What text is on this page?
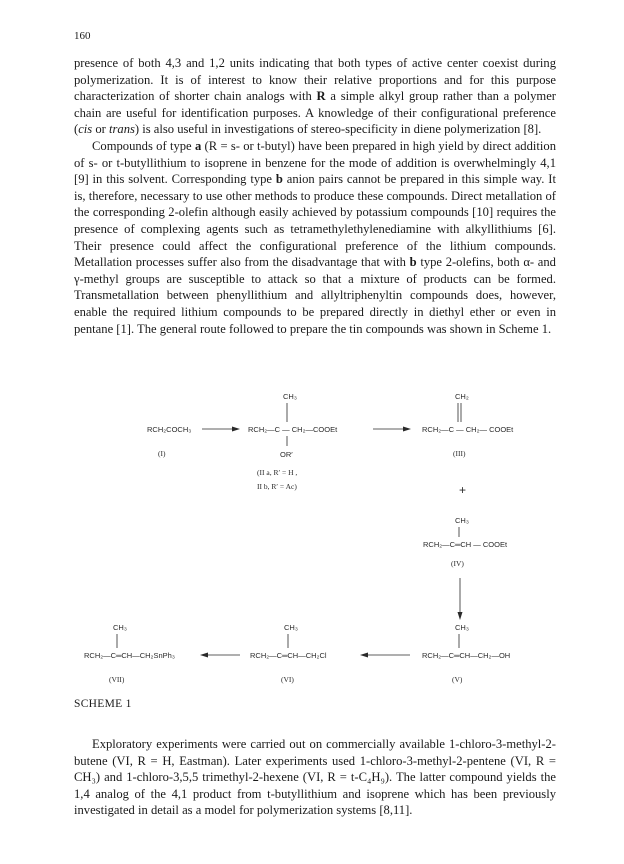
160

presence of both 4,3 and 1,2 units indicating that both types of active center coexist during polymerization. It is of interest to know their relative proportions and for this purpose characterization of shorter chain analogs with R a simple alkyl group rather than a polymer chain are useful for identification purposes. A knowledge of their configurational preference (cis or trans) is also useful in investigations of stereo-specificity in diene polymerization [8].

Compounds of type a (R = s- or t-butyl) have been prepared in high yield by direct addition of s- or t-butyllithium to isoprene in benzene for the mode of addition is overwhelmingly 4,1 [9] in this solvent. Corresponding type b anion pairs cannot be prepared in this simple way. It is, therefore, necessary to use other methods to produce these compounds. Direct metallation of the corresponding 2-olefin although easily achieved by potassium compounds [10] requires the presence of complexing agents such as tetramethylethylenediamine with alkyllithiums [6]. Their presence could affect the configurational preference of the lithium compounds. Metallation processes suffer also from the disadvantage that with b type 2-olefins, both α- and γ-methyl groups are susceptible to attack so that a mixture of products can be formed. Transmetallation between phenyllithium and allyltriphenyltin compounds does, however, enable the required lithium compounds to be prepared directly in diethyl ether or even in pentane [1]. The general route followed to prepare the tin compounds was shown in Scheme 1.

RCH₂COCH₃
(I)
CH₃
RCH₂—C — CH₂—COOEt
OR′
(II a, R′ = H ,
II b, R′ = Ac)
CH₂
RCH₂—C — CH₂— COOEt
(III)
+
CH₃
RCH₂—C═CH — COOEt
(IV)
CH₃
RCH₂—C═CH—CH₂—OH
(V)
CH₃
RCH₂—C═CH—CH₂Cl
(VI)
CH₃
RCH₂—C═CH—CH₂SnPh₃
(VII)
SCHEME 1

Exploratory experiments were carried out on commercially available 1-chloro-3-methyl-2-butene (VI, R = H, Eastman). Later experiments used 1-chloro-3-methyl-2-pentene (VI, R = CH₃) and 1-chloro-3,5,5 trimethyl-2-hexene (VI, R = t-C₄H₉). The latter compound yields the 1,4 analog of the 4,1 product from t-butyllithium and isoprene which has been previously investigated in detail as a model for polymerization systems [8,11].
